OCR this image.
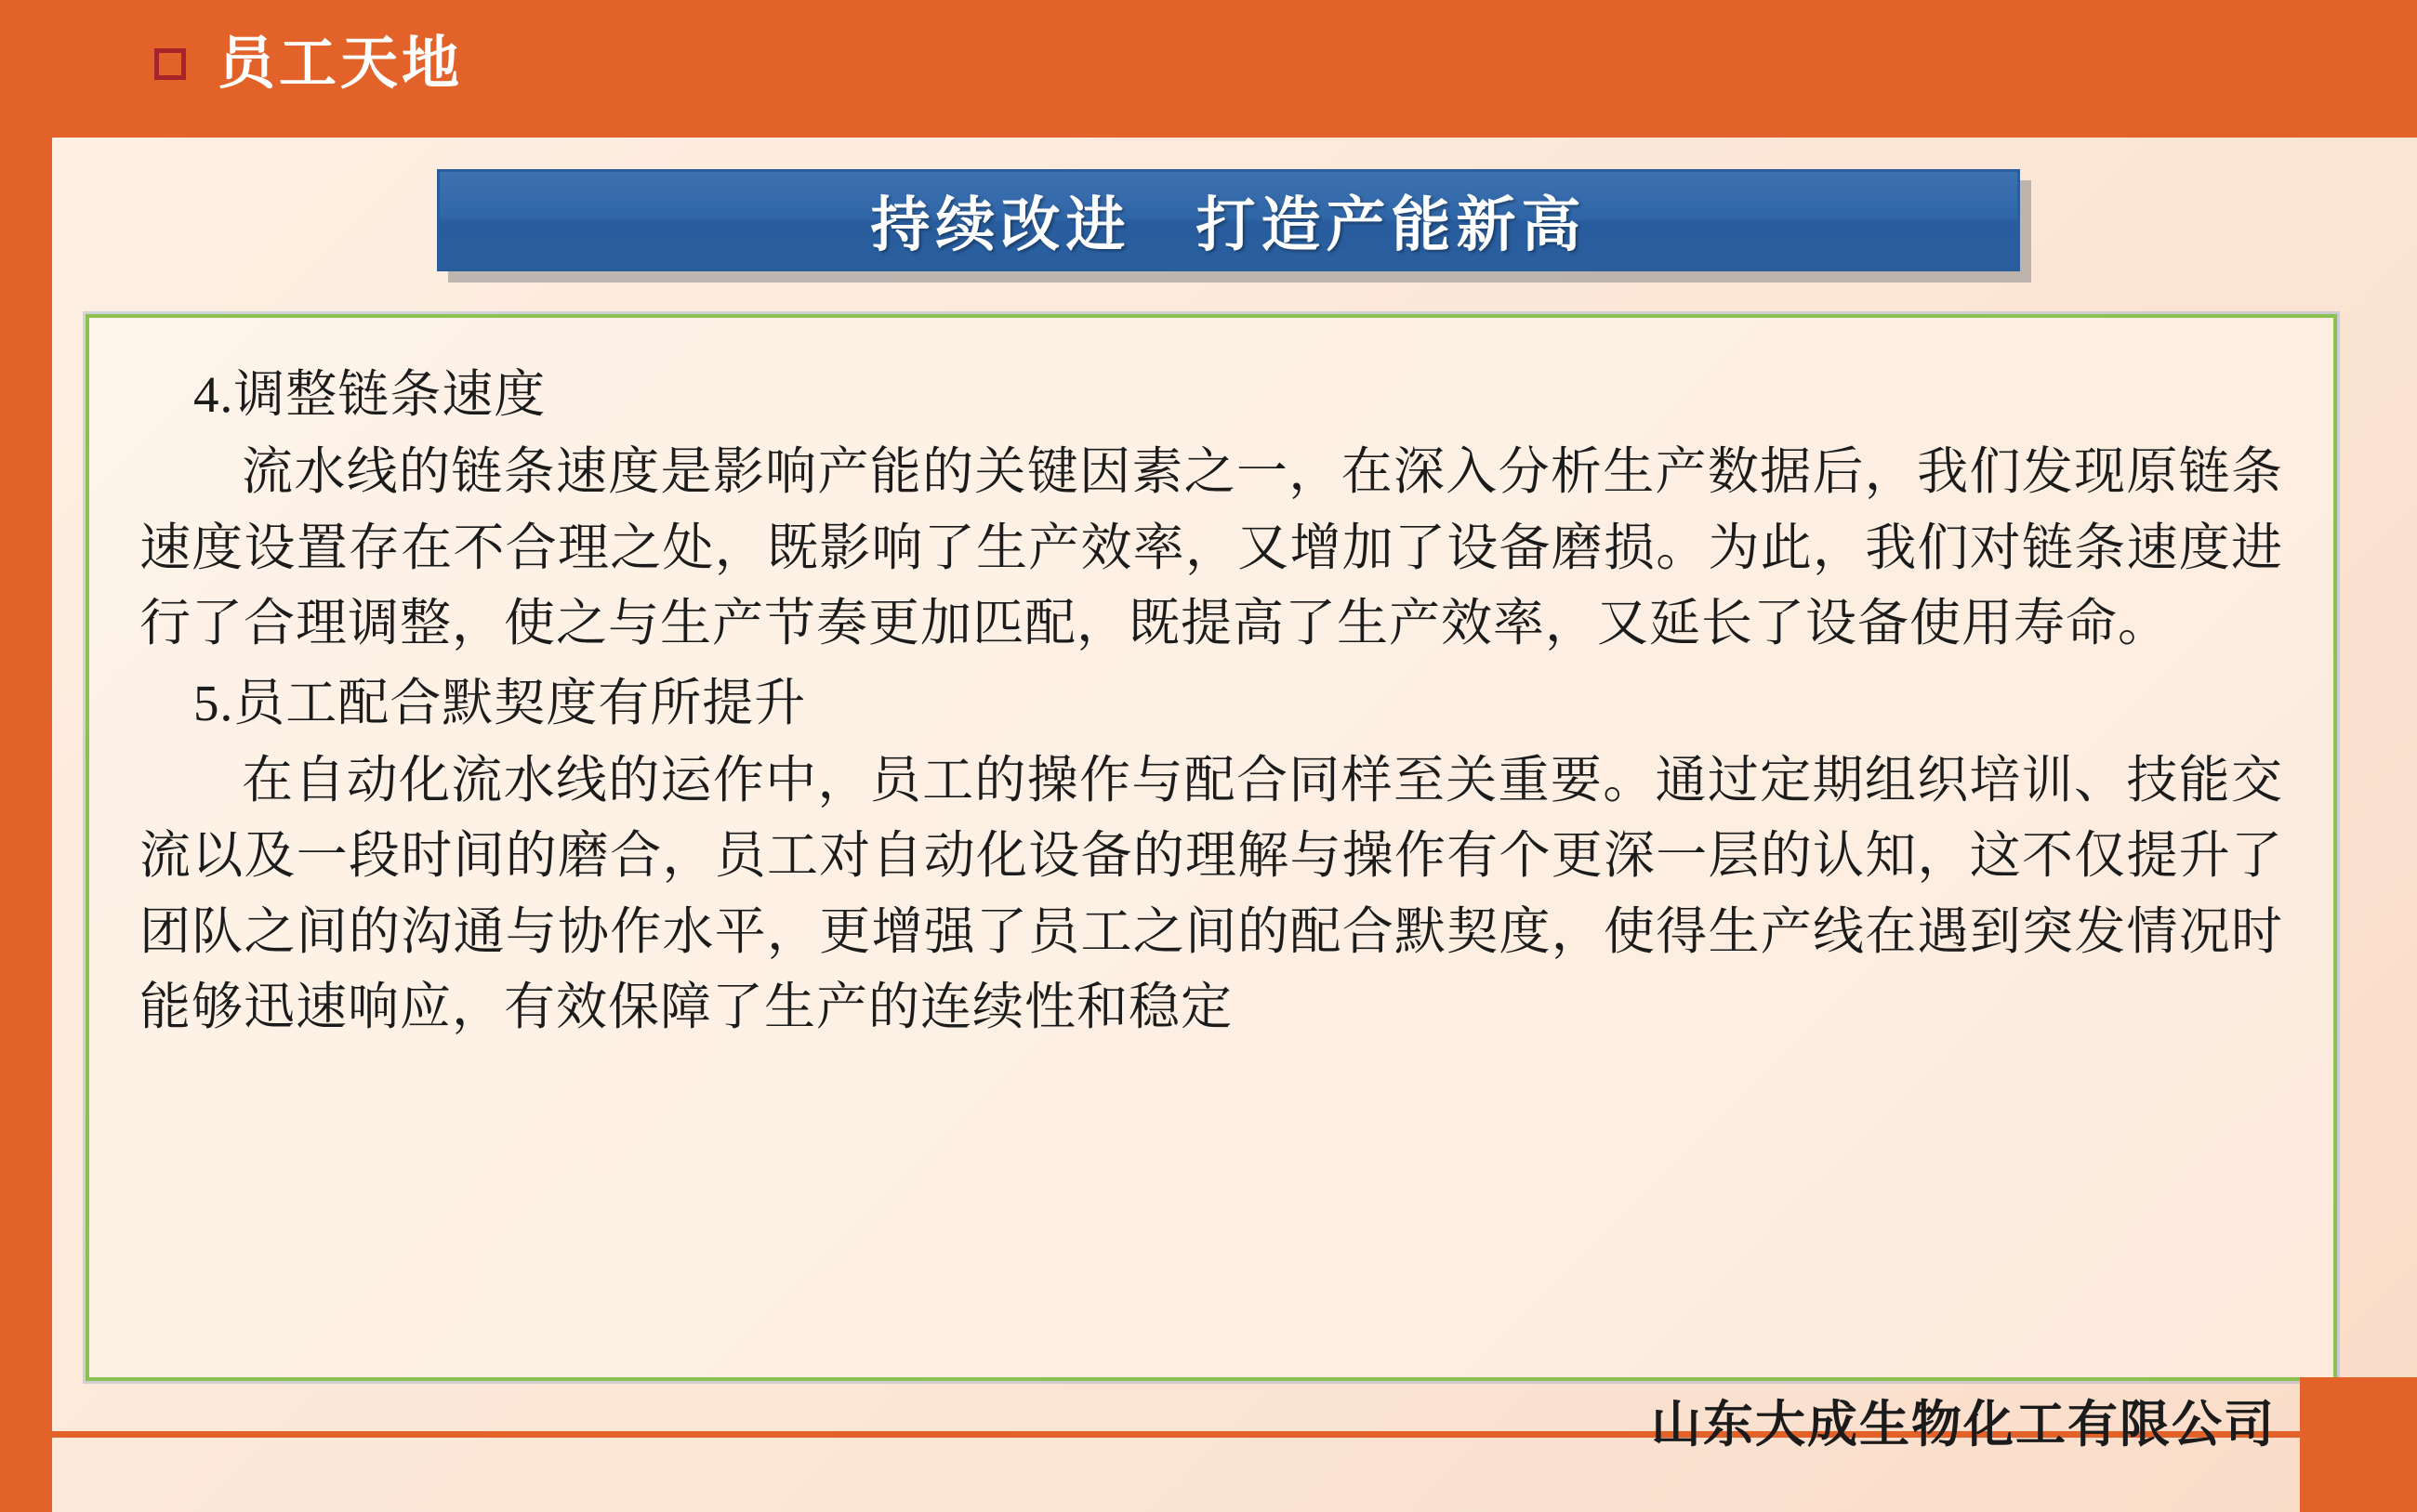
员工天地
持续改进　打造产能新高

4.调整链条速度

流水线的链条速度是影响产能的关键因素之一，在深入分析生产数据后，我们发现原链条速度设置存在不合理之处，既影响了生产效率，又增加了设备磨损。为此，我们对链条速度进行了合理调整，使之与生产节奏更加匹配，既提高了生产效率，又延长了设备使用寿命。

5.员工配合默契度有所提升

在自动化流水线的运作中，员工的操作与配合同样至关重要。通过定期组织培训、技能交流以及一段时间的磨合，员工对自动化设备的理解与操作有个更深一层的认知，这不仅提升了团队之间的沟通与协作水平，更增强了员工之间的配合默契度，使得生产线在遇到突发情况时能够迅速响应，有效保障了生产的连续性和稳定

山东大成生物化工有限公司
